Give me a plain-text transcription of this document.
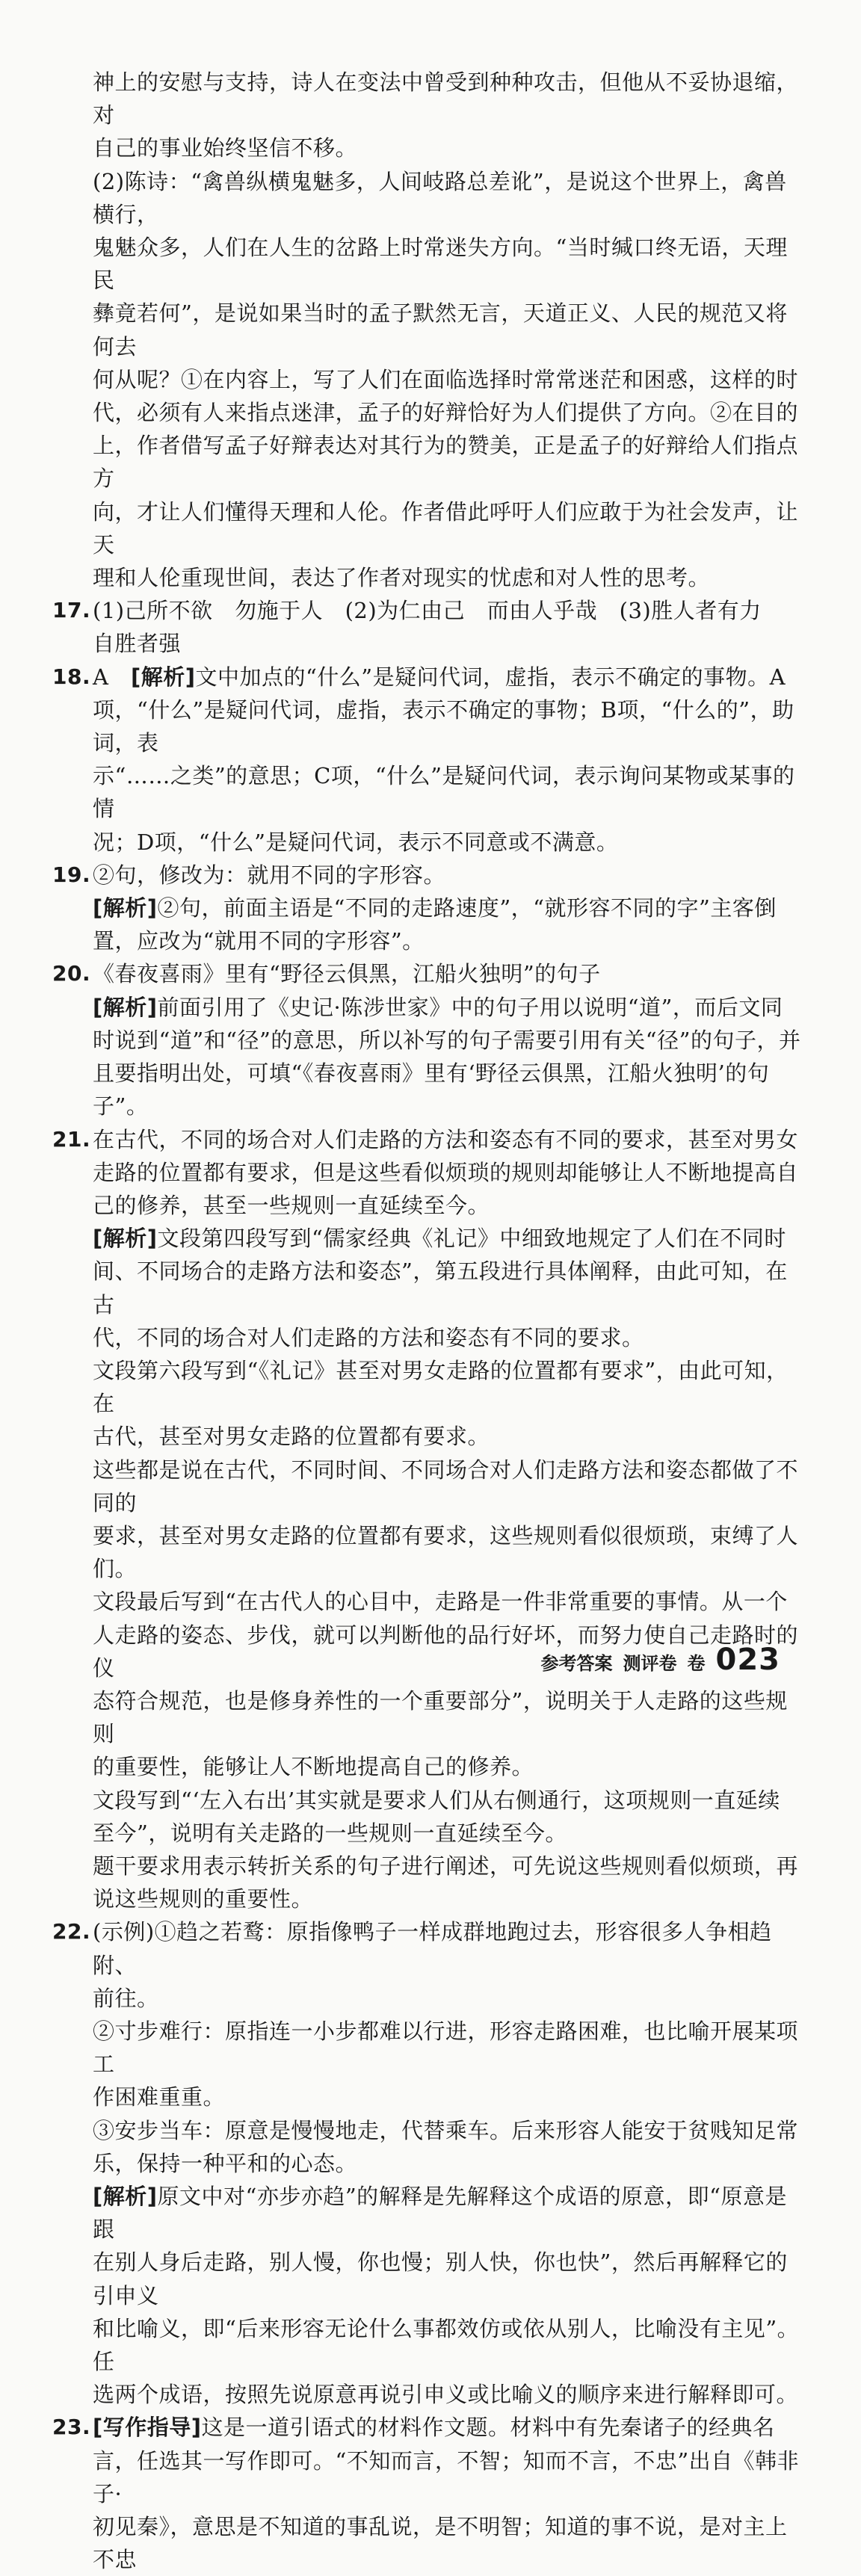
神上的安慰与支持，诗人在变法中曾受到种种攻击，但他从不妥协退缩，对

自己的事业始终坚信不移。

(2)陈诗：“禽兽纵横鬼魅多，人间岐路总差讹”，是说这个世界上，禽兽横行，

鬼魅众多，人们在人生的岔路上时常迷失方向。“当时缄口终无语，天理民

彝竟若何”，是说如果当时的孟子默然无言，天道正义、人民的规范又将何去

何从呢？①在内容上，写了人们在面临选择时常常迷茫和困惑，这样的时

代，必须有人来指点迷津，孟子的好辩恰好为人们提供了方向。②在目的

上，作者借写孟子好辩表达对其行为的赞美，正是孟子的好辩给人们指点方

向，才让人们懂得天理和人伦。作者借此呼吁人们应敢于为社会发声，让天

理和人伦重现世间，表达了作者对现实的忧虑和对人性的思考。

17. (1)己所不欲　勿施于人　(2)为仁由己　而由人乎哉　(3)胜人者有力

自胜者强

18. A　[解析]文中加点的“什么”是疑问代词，虚指，表示不确定的事物。A

项，“什么”是疑问代词，虚指，表示不确定的事物；B项，“什么的”，助词，表

示“……之类”的意思；C项，“什么”是疑问代词，表示询问某物或某事的情

况；D项，“什么”是疑问代词，表示不同意或不满意。

19. ②句，修改为：就用不同的字形容。

[解析]②句，前面主语是“不同的走路速度”，“就形容不同的字”主客倒

置，应改为“就用不同的字形容”。

20. 《春夜喜雨》里有“野径云俱黑，江船火独明”的句子

[解析]前面引用了《史记·陈涉世家》中的句子用以说明“道”，而后文同

时说到“道”和“径”的意思，所以补写的句子需要引用有关“径”的句子，并

且要指明出处，可填“《春夜喜雨》里有‘野径云俱黑，江船火独明’的句子”。

21. 在古代，不同的场合对人们走路的方法和姿态有不同的要求，甚至对男女

走路的位置都有要求，但是这些看似烦琐的规则却能够让人不断地提高自

己的修养，甚至一些规则一直延续至今。

[解析]文段第四段写到“儒家经典《礼记》中细致地规定了人们在不同时

间、不同场合的走路方法和姿态”，第五段进行具体阐释，由此可知，在古

代，不同的场合对人们走路的方法和姿态有不同的要求。

文段第六段写到“《礼记》甚至对男女走路的位置都有要求”，由此可知，在

古代，甚至对男女走路的位置都有要求。

这些都是说在古代，不同时间、不同场合对人们走路方法和姿态都做了不同的

要求，甚至对男女走路的位置都有要求，这些规则看似很烦琐，束缚了人们。

文段最后写到“在古代人的心目中，走路是一件非常重要的事情。从一个

人走路的姿态、步伐，就可以判断他的品行好坏，而努力使自己走路时的仪

态符合规范，也是修身养性的一个重要部分”，说明关于人走路的这些规则

的重要性，能够让人不断地提高自己的修养。

文段写到“‘左入右出’其实就是要求人们从右侧通行，这项规则一直延续

至今”，说明有关走路的一些规则一直延续至今。

题干要求用表示转折关系的句子进行阐述，可先说这些规则看似烦琐，再

说这些规则的重要性。

22. (示例)①趋之若鹜：原指像鸭子一样成群地跑过去，形容很多人争相趋附、

前往。

②寸步难行：原指连一小步都难以行进，形容走路困难，也比喻开展某项工

作困难重重。

③安步当车：原意是慢慢地走，代替乘车。后来形容人能安于贫贱知足常

乐，保持一种平和的心态。

[解析]原文中对“亦步亦趋”的解释是先解释这个成语的原意，即“原意是跟

在别人身后走路，别人慢，你也慢；别人快，你也快”，然后再解释它的引申义

和比喻义，即“后来形容无论什么事都效仿或依从别人，比喻没有主见”。任

选两个成语，按照先说原意再说引申义或比喻义的顺序来进行解释即可。

23. [写作指导]这是一道引语式的材料作文题。材料中有先秦诸子的经典名

言，任选其一写作即可。“不知而言，不智；知而不言，不忠”出自《韩非子·

初见秦》，意思是不知道的事乱说，是不明智；知道的事不说，是对主上不忠

参考答案 测评卷 卷 023
